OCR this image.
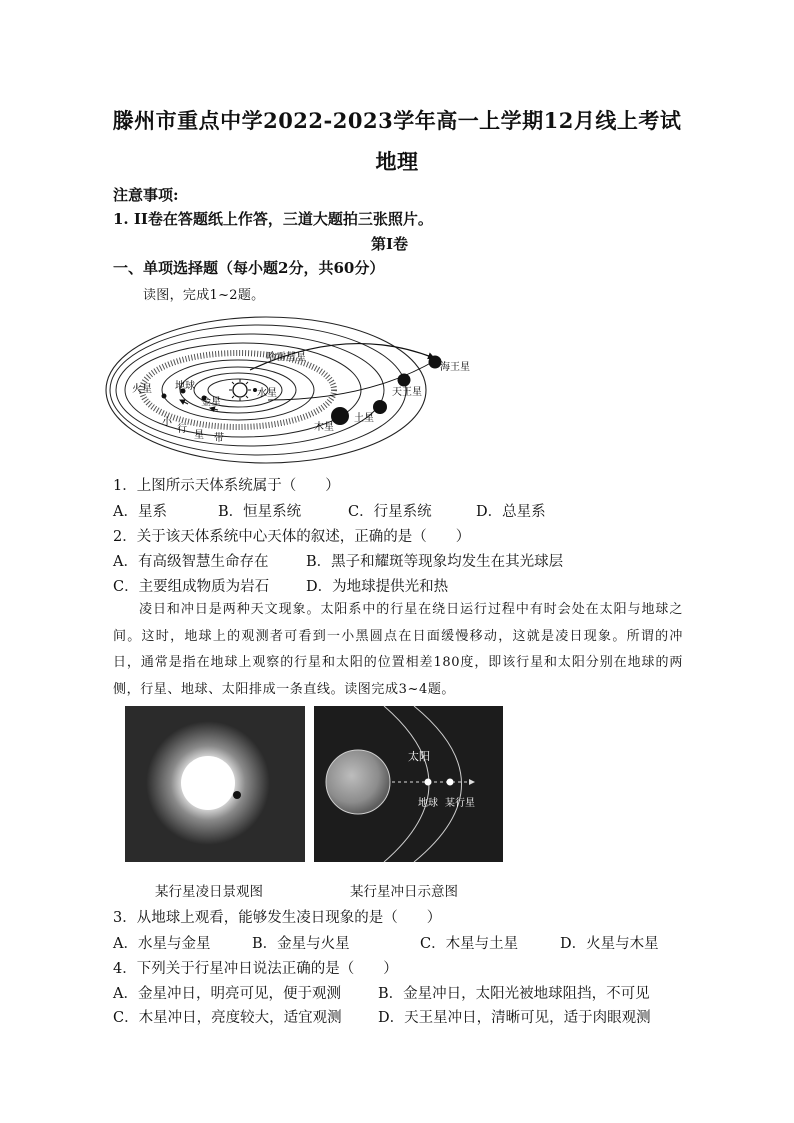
滕州市重点中学2022-2023学年高一上学期12月线上考试
地理
注意事项:
1. II卷在答题纸上作答，三道大题拍三张照片。
第I卷
一、单项选择题（每小题2分，共60分）
读图，完成1~2题。
哈雷彗星
海王星
天王星
土星
木星
火星 地球
金星
水星
小
行
星 带
1．上图所示天体系统属于（　　）
A．星系	B．恒星系统	C．行星系统	D．总星系
2．关于该天体系统中心天体的叙述，正确的是（　　）
A．有高级智慧生命存在	B．黑子和耀斑等现象均发生在其光球层
C．主要组成物质为岩石	D．为地球提供光和热
凌日和冲日是两种天文现象。太阳系中的行星在绕日运行过程中有时会处在太阳与地球之间。这时，地球上的观测者可看到一小黑圆点在日面缓慢移动，这就是凌日现象。所谓的冲日，通常是指在地球上观察的行星和太阳的位置相差180度，即该行星和太阳分别在地球的两侧，行星、地球、太阳排成一条直线。读图完成3~4题。
太阳
地球 某行星
某行星凌日景观图	某行星冲日示意图
3．从地球上观看，能够发生凌日现象的是（　　）
A．水星与金星	B．金星与火星	C．木星与土星	D．火星与木星
4．下列关于行星冲日说法正确的是（　　）
A．金星冲日，明亮可见，便于观测	B．金星冲日，太阳光被地球阻挡，不可见
C．木星冲日，亮度较大，适宜观测	D．天王星冲日，清晰可见，适于肉眼观测
